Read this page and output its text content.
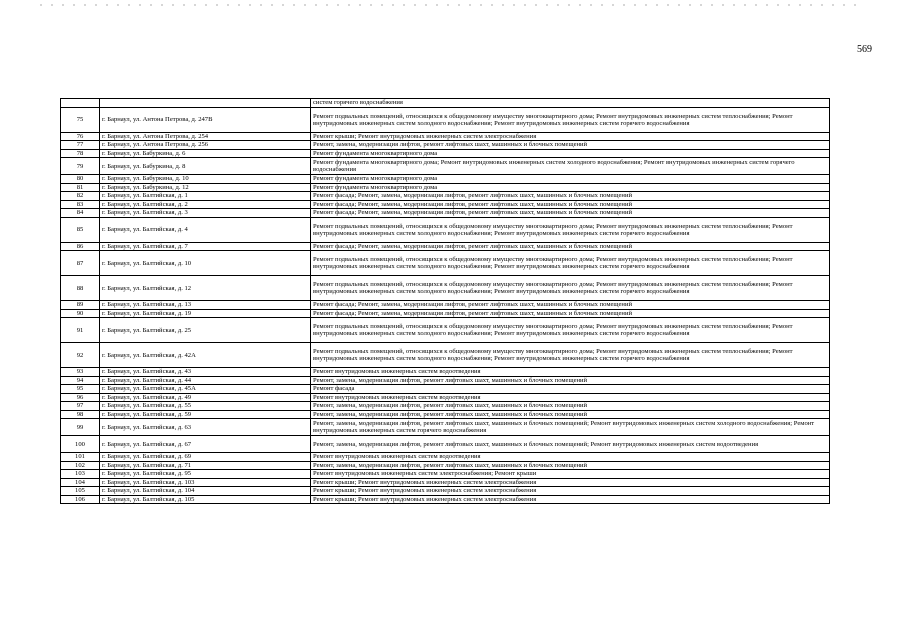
569
		систем горячего водоснабжения
75	г. Барнаул, ул. Антона Петрова, д. 247В	Ремонт подвальных помещений, относящихся к общедомовому имуществу многоквартирного дома; Ремонт внутридомовых инженерных систем теплоснабжения; Ремонт внутридомовых инженерных систем холодного водоснабжения; Ремонт внутридомовых инженерных систем горячего водоснабжения
76	г. Барнаул, ул. Антона Петрова, д. 254	Ремонт крыши; Ремонт внутридомовых инженерных систем электроснабжения
77	г. Барнаул, ул. Антона Петрова, д. 256	Ремонт, замена, модернизация лифтов, ремонт лифтовых шахт, машинных и блочных помещений
78	г. Барнаул, ул. Бабуркина, д. 6	Ремонт фундамента многоквартирного дома
79	г. Барнаул, ул. Бабуркина, д. 8	Ремонт фундамента многоквартирного дома; Ремонт внутридомовых инженерных систем холодного водоснабжения; Ремонт внутридомовых инженерных систем горячего водоснабжения
80	г. Барнаул, ул. Бабуркина, д. 10	Ремонт фундамента многоквартирного дома
81	г. Барнаул, ул. Бабуркина, д. 12	Ремонт фундамента многоквартирного дома
82	г. Барнаул, ул. Балтийская, д. 1	Ремонт фасада; Ремонт, замена, модернизация лифтов, ремонт лифтовых шахт, машинных и блочных помещений
83	г. Барнаул, ул. Балтийская, д. 2	Ремонт фасада; Ремонт, замена, модернизация лифтов, ремонт лифтовых шахт, машинных и блочных помещений
84	г. Барнаул, ул. Балтийская, д. 3	Ремонт фасада; Ремонт, замена, модернизация лифтов, ремонт лифтовых шахт, машинных и блочных помещений
85	г. Барнаул, ул. Балтийская, д. 4	Ремонт подвальных помещений, относящихся к общедомовому имуществу многоквартирного дома; Ремонт внутридомовых инженерных систем теплоснабжения; Ремонт внутридомовых инженерных систем холодного водоснабжения; Ремонт внутридомовых инженерных систем горячего водоснабжения
86	г. Барнаул, ул. Балтийская, д. 7	Ремонт фасада; Ремонт, замена, модернизация лифтов, ремонт лифтовых шахт, машинных и блочных помещений
87	г. Барнаул, ул. Балтийская, д. 10	Ремонт подвальных помещений, относящихся к общедомовому имуществу многоквартирного дома; Ремонт внутридомовых инженерных систем теплоснабжения; Ремонт внутридомовых инженерных систем холодного водоснабжения; Ремонт внутридомовых инженерных систем горячего водоснабжения
88	г. Барнаул, ул. Балтийская, д. 12	Ремонт подвальных помещений, относящихся к общедомовому имуществу многоквартирного дома; Ремонт внутридомовых инженерных систем теплоснабжения; Ремонт внутридомовых инженерных систем холодного водоснабжения; Ремонт внутридомовых инженерных систем горячего водоснабжения
89	г. Барнаул, ул. Балтийская, д. 13	Ремонт фасада; Ремонт, замена, модернизация лифтов, ремонт лифтовых шахт, машинных и блочных помещений
90	г. Барнаул, ул. Балтийская, д. 19	Ремонт фасада; Ремонт, замена, модернизация лифтов, ремонт лифтовых шахт, машинных и блочных помещений
91	г. Барнаул, ул. Балтийская, д. 25	Ремонт подвальных помещений, относящихся к общедомовому имуществу многоквартирного дома; Ремонт внутридомовых инженерных систем теплоснабжения; Ремонт внутридомовых инженерных систем холодного водоснабжения; Ремонт внутридомовых инженерных систем горячего водоснабжения
92	г. Барнаул, ул. Балтийская, д. 42А	Ремонт подвальных помещений, относящихся к общедомовому имуществу многоквартирного дома; Ремонт внутридомовых инженерных систем теплоснабжения; Ремонт внутридомовых инженерных систем холодного водоснабжения; Ремонт внутридомовых инженерных систем горячего водоснабжения
93	г. Барнаул, ул. Балтийская, д. 43	Ремонт внутридомовых инженерных систем водоотведения
94	г. Барнаул, ул. Балтийская, д. 44	Ремонт, замена, модернизация лифтов, ремонт лифтовых шахт, машинных и блочных помещений
95	г. Барнаул, ул. Балтийская, д. 45А	Ремонт фасада
96	г. Барнаул, ул. Балтийская, д. 49	Ремонт внутридомовых инженерных систем водоотведения
97	г. Барнаул, ул. Балтийская, д. 55	Ремонт, замена, модернизация лифтов, ремонт лифтовых шахт, машинных и блочных помещений
98	г. Барнаул, ул. Балтийская, д. 59	Ремонт, замена, модернизация лифтов, ремонт лифтовых шахт, машинных и блочных помещений
99	г. Барнаул, ул. Балтийская, д. 63	Ремонт, замена, модернизация лифтов, ремонт лифтовых шахт, машинных и блочных помещений; Ремонт внутридомовых инженерных систем холодного водоснабжения; Ремонт внутридомовых инженерных систем горячего водоснабжения
100	г. Барнаул, ул. Балтийская, д. 67	Ремонт, замена, модернизация лифтов, ремонт лифтовых шахт, машинных и блочных помещений; Ремонт внутридомовых инженерных систем водоотведения
101	г. Барнаул, ул. Балтийская, д. 69	Ремонт внутридомовых инженерных систем водоотведения
102	г. Барнаул, ул. Балтийская, д. 71	Ремонт, замена, модернизация лифтов, ремонт лифтовых шахт, машинных и блочных помещений
103	г. Барнаул, ул. Балтийская, д. 95	Ремонт внутридомовых инженерных систем электроснабжения; Ремонт крыши
104	г. Барнаул, ул. Балтийская, д. 103	Ремонт крыши; Ремонт внутридомовых инженерных систем электроснабжения
105	г. Барнаул, ул. Балтийская, д. 104	Ремонт крыши; Ремонт внутридомовых инженерных систем электроснабжения
106	г. Барнаул, ул. Балтийская, д. 105	Ремонт крыши; Ремонт внутридомовых инженерных систем электроснабжения
